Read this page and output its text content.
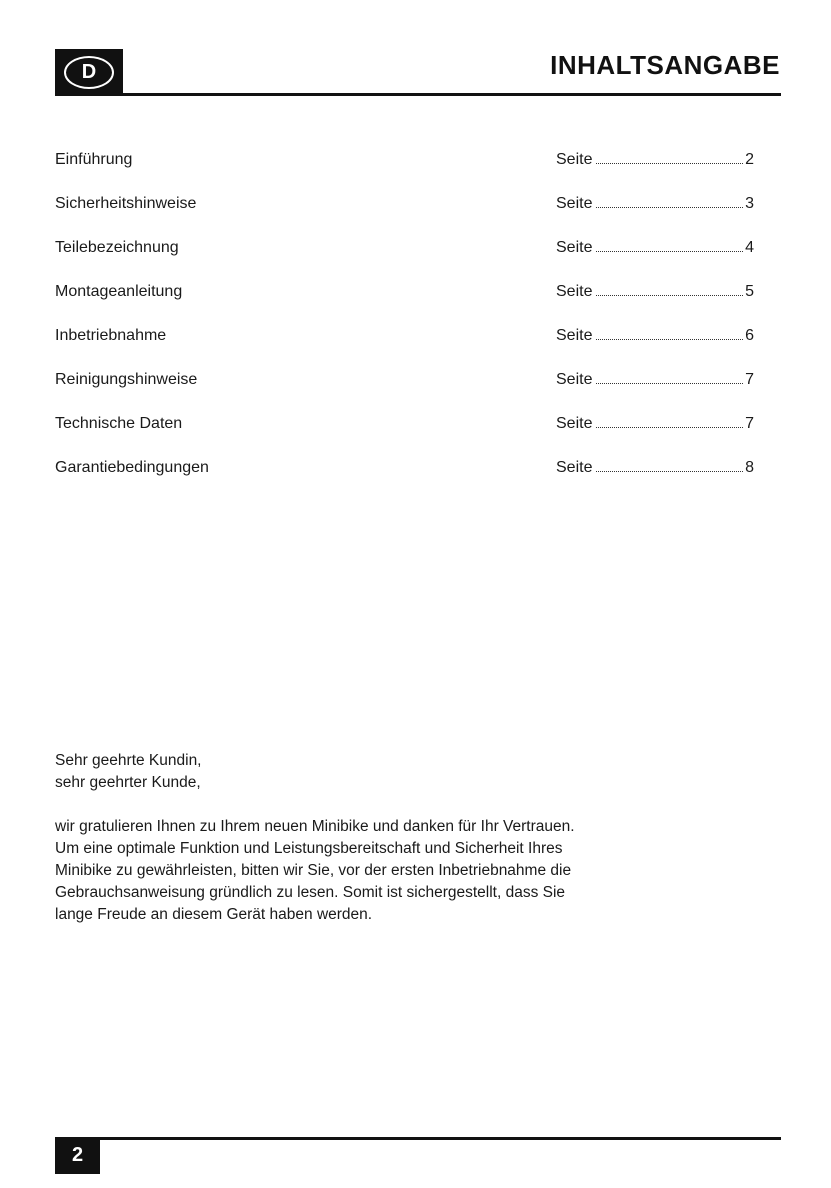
D	INHALTSANGABE
Einführung	Seite	2
Sicherheitshinweise	Seite	3
Teilebezeichnung	Seite	4
Montageanleitung	Seite	5
Inbetriebnahme	Seite	6
Reinigungshinweise	Seite	7
Technische Daten	Seite	7
Garantiebedingungen	Seite	8
Sehr geehrte Kundin,
sehr geehrter Kunde,
wir gratulieren Ihnen zu Ihrem neuen Minibike und danken für Ihr Vertrauen. Um eine optimale Funktion und Leistungsbereitschaft und Sicherheit Ihres Minibike zu gewährleisten, bitten wir Sie, vor der ersten Inbetriebnahme die Gebrauchsanweisung gründlich zu lesen. Somit ist sichergestellt, dass Sie lange Freude an diesem Gerät haben werden.
2
